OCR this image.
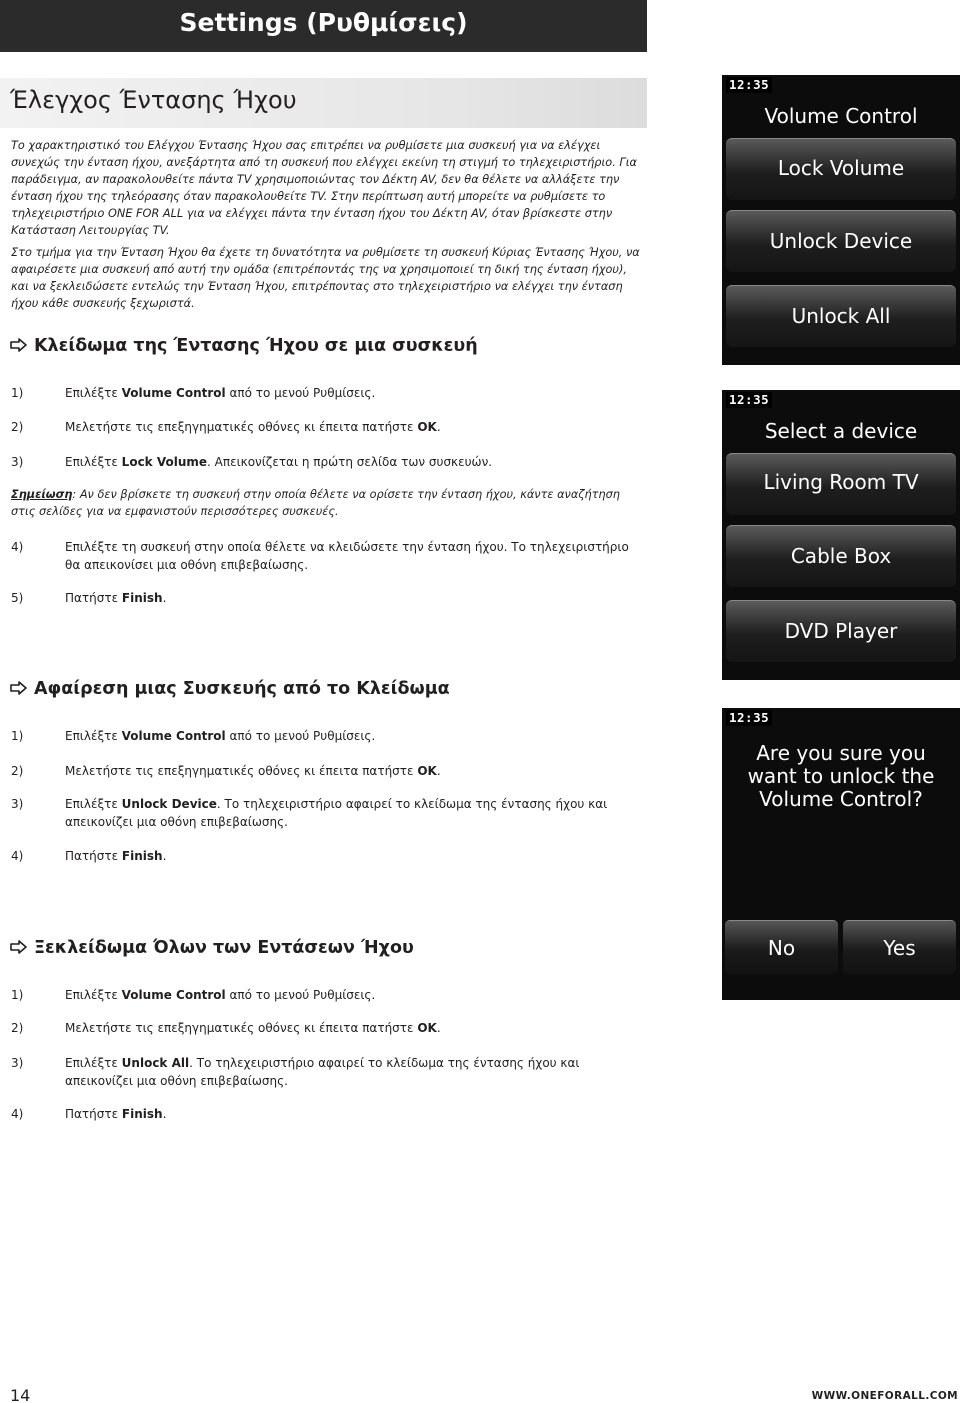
Settings (Ρυθμίσεις)
Έλεγχος Έντασης Ήχου
Το χαρακτηριστικό του Ελέγχου Έντασης Ήχου σας επιτρέπει να ρυθμίσετε μια συσκευή για να ελέγχει συνεχώς την ένταση ήχου, ανεξάρτητα από τη συσκευή που ελέγχει εκείνη τη στιγμή το τηλεχειριστήριο. Για παράδειγμα, αν παρακολουθείτε πάντα TV χρησιμοποιώντας τον Δέκτη AV, δεν θα θέλετε να αλλάξετε την ένταση ήχου της τηλεόρασης όταν παρακολουθείτε TV. Στην περίπτωση αυτή μπορείτε να ρυθμίσετε το τηλεχειριστήριο ONE FOR ALL για να ελέγχει πάντα την ένταση ήχου του Δέκτη AV, όταν βρίσκεστε στην Κατάσταση Λειτουργίας TV.
Στο τμήμα για την Ένταση Ήχου θα έχετε τη δυνατότητα να ρυθμίσετε τη συσκευή Κύριας Έντασης Ήχου, να αφαιρέσετε μια συσκευή από αυτή την ομάδα (επιτρέποντάς της να χρησιμοποιεί τη δική της ένταση ήχου), και να ξεκλειδώσετε εντελώς την Ένταση Ήχου, επιτρέποντας στο τηλεχειριστήριο να ελέγχει την ένταση ήχου κάθε συσκευής ξεχωριστά.
Κλείδωμα της Έντασης Ήχου σε μια συσκευή
1)	Επιλέξτε Volume Control από το μενού Ρυθμίσεις.
2)	Μελετήστε τις επεξηγηματικές οθόνες κι έπειτα πατήστε OK.
3)	Επιλέξτε Lock Volume. Απεικονίζεται η πρώτη σελίδα των συσκευών.
Σημείωση: Αν δεν βρίσκετε τη συσκευή στην οποία θέλετε να ορίσετε την ένταση ήχου, κάντε αναζήτηση στις σελίδες για να εμφανιστούν περισσότερες συσκευές.
4)	Επιλέξτε τη συσκευή στην οποία θέλετε να κλειδώσετε την ένταση ήχου. Το τηλεχειριστήριο θα απεικονίσει μια οθόνη επιβεβαίωσης.
5)	Πατήστε Finish.
Αφαίρεση μιας Συσκευής από το Κλείδωμα
1)	Επιλέξτε Volume Control από το μενού Ρυθμίσεις.
2)	Μελετήστε τις επεξηγηματικές οθόνες κι έπειτα πατήστε OK.
3)	Επιλέξτε Unlock Device. Το τηλεχειριστήριο αφαιρεί το κλείδωμα της έντασης ήχου και απεικονίζει μια οθόνη επιβεβαίωσης.
4)	Πατήστε Finish.
Ξεκλείδωμα Όλων των Εντάσεων Ήχου
1)	Επιλέξτε Volume Control από το μενού Ρυθμίσεις.
2)	Μελετήστε τις επεξηγηματικές οθόνες κι έπειτα πατήστε OK.
3)	Επιλέξτε Unlock All. Το τηλεχειριστήριο αφαιρεί το κλείδωμα της έντασης ήχου και απεικονίζει μια οθόνη επιβεβαίωσης.
4)	Πατήστε Finish.
12:35
Volume Control
Lock Volume
Unlock Device
Unlock All
12:35
Select a device
Living Room TV
Cable Box
DVD Player
12:35
Are you sure you
want to unlock the
Volume Control?
No	Yes
14	WWW.ONEFORALL.COM
